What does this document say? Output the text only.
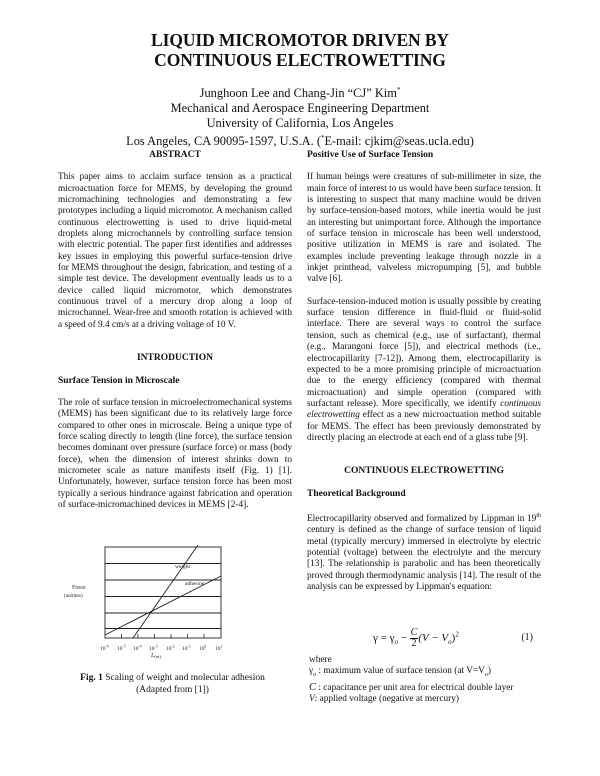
LIQUID MICROMOTOR DRIVEN BY
CONTINUOUS ELECTROWETTING
Junghoon Lee and Chang-Jin “CJ” Kim*
Mechanical and Aerospace Engineering Department
University of California, Los Angeles
Los Angeles, CA 90095-1597, U.S.A. (*E-mail: cjkim@seas.ucla.edu)
ABSTRACT

This paper aims to acclaim surface tension as a practical microactuation force for MEMS, by developing the ground micromachining technologies and demonstrating a few prototypes including a liquid micromotor. A mechanism called continuous electrowetting is used to drive liquid-metal droplets along microchannels by controlling surface tension with electric potential. The paper first identifies and addresses key issues in employing this powerful surface-tension drive for MEMS throughout the design, fabrication, and testing of a simple test device. The development eventually leads us to a device called liquid micromotor, which demonstrates continuous travel of a mercury drop along a loop of microchannel. Wear-free and smooth rotation is achieved with a speed of 9.4 cm/s at a driving voltage of 10 V.

INTRODUCTION
Surface Tension in Microscale

The role of surface tension in microelectromechanical systems (MEMS) has been significant due to its relatively large force compared to other ones in microscale. Being a unique type of force scaling directly to length (line force), the surface tension becomes dominant over pressure (surface force) or mass (body force), when the dimension of interest shrinks down to micrometer scale as nature manifests itself (Fig. 1) [1]. Unfortunately, however, surface tension force has been most typically a serious hindrance against fabrication and operation of surface-micromachined devices in MEMS [2-4].

weight
adhesion
Force
(unitless)
$10^{-6}$ $10^{-5}$ $10^{-4}$ $10^{-3}$ $10^{-2}$ $10^{-1}$ $10^0$ $10^1$
L(m)
Fig. 1 Scaling of weight and molecular adhesion
(Adapted from [1])
Positive Use of Surface Tension

If human beings were creatures of sub-millimeter in size, the main force of interest to us would have been surface tension. It is interesting to suspect that many machine would be driven by surface-tension-based motors, while inertia would be just an interesting but unimportant force. Although the importance of surface tension in microscale has been well understood, positive utilization in MEMS is rare and isolated. The examples include preventing leakage through nozzle in a inkjet printhead, valveless micropumping [5], and bubble valve [6].

Surface-tension-induced motion is usually possible by creating surface tension difference in fluid-fluid or fluid-solid interface. There are several ways to control the surface tension, such as chemical (e.g., use of surfactant), thermal (e.g., Marangoni force [5]), and electrical methods (i.e., electrocapillarity [7-12]). Among them, electrocapillarity is expected to be a more promising principle of microactuation due to the energy efficiency (compared with thermal microactuation) and simple operation (compared with surfactant release). More specifically, we identify continuous electrowetting effect as a new microactuation method suitable for MEMS. The effect has been previously demonstrated by directly placing an electrode at each end of a glass tube [9].

CONTINUOUS ELECTROWETTING
Theoretical Background

Electrocapillarity observed and formalized by Lippman in 19th century is defined as the change of surface tension of liquid metal (typically mercury) immersed in electrolyte by electric potential (voltage) between the electrolyte and the mercury [13]. The relationship is parabolic and has been theoretically proved through thermodynamic analysis [14]. The result of the analysis can be expressed by Lippman's equation:

$\gamma = \gamma_o - \frac{C}{2} (V - V_o)^2$	(1)
where
$\gamma_o$ : maximum value of surface tension (at $V=V_o$)
C : capacitance per unit area for electrical double layer
V: applied voltage (negative at mercury)
